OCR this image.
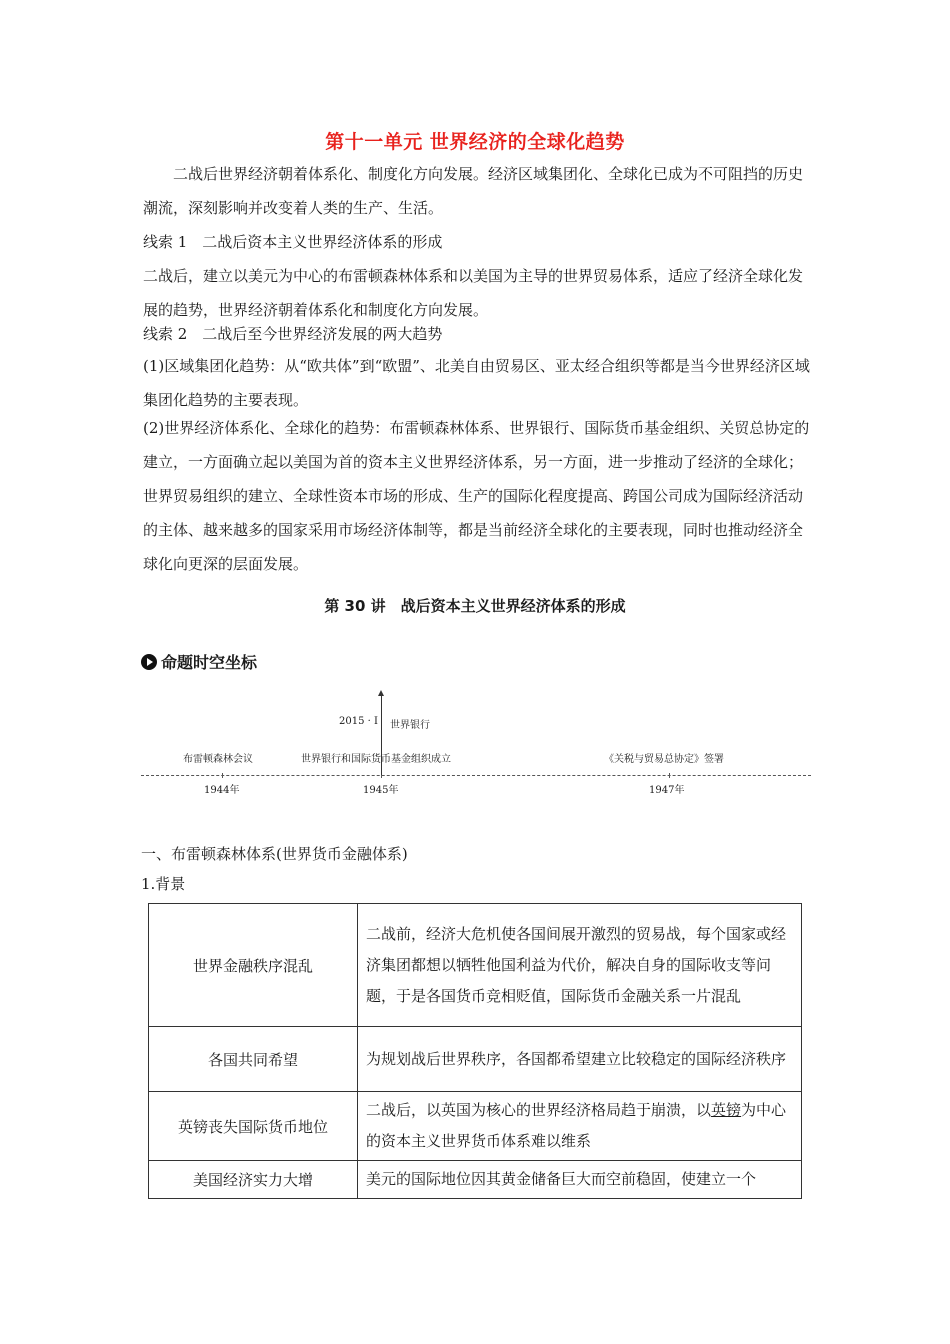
第十一单元 世界经济的全球化趋势

二战后世界经济朝着体系化、制度化方向发展。经济区域集团化、全球化已成为不可阻挡的历史潮流，深刻影响并改变着人类的生产、生活。

线索 1　二战后资本主义世界经济体系的形成

二战后，建立以美元为中心的布雷顿森林体系和以美国为主导的世界贸易体系，适应了经济全球化发展的趋势，世界经济朝着体系化和制度化方向发展。

线索 2　二战后至今世界经济发展的两大趋势

(1)区域集团化趋势：从“欧共体”到“欧盟”、北美自由贸易区、亚太经合组织等都是当今世界经济区域集团化趋势的主要表现。

(2)世界经济体系化、全球化的趋势：布雷顿森林体系、世界银行、国际货币基金组织、关贸总协定的建立，一方面确立起以美国为首的资本主义世界经济体系，另一方面，进一步推动了经济的全球化；世界贸易组织的建立、全球性资本市场的形成、生产的国际化程度提高、跨国公司成为国际经济活动的主体、越来越多的国家采用市场经济体制等，都是当前经济全球化的主要表现，同时也推动经济全球化向更深的层面发展。

第 30 讲　战后资本主义世界经济体系的形成
命题时空坐标
2015 · Ⅰ 世界银行
布雷顿森林会议	世界银行和国际货币基金组织成立	《关税与贸易总协定》签署
1944年	1945年	1947年
一、布雷顿森林体系(世界货币金融体系)
1.背景
世界金融秩序混乱	二战前，经济大危机使各国间展开激烈的贸易战，每个国家或经济集团都想以牺牲他国利益为代价，解决自身的国际收支等问题，于是各国货币竞相贬值，国际货币金融关系一片混乱
各国共同希望	为规划战后世界秩序，各国都希望建立比较稳定的国际经济秩序
英镑丧失国际货币地位	二战后，以英国为核心的世界经济格局趋于崩溃，以英镑为中心的资本主义世界货币体系难以维系
美国经济实力大增	美元的国际地位因其黄金储备巨大而空前稳固，使建立一个
